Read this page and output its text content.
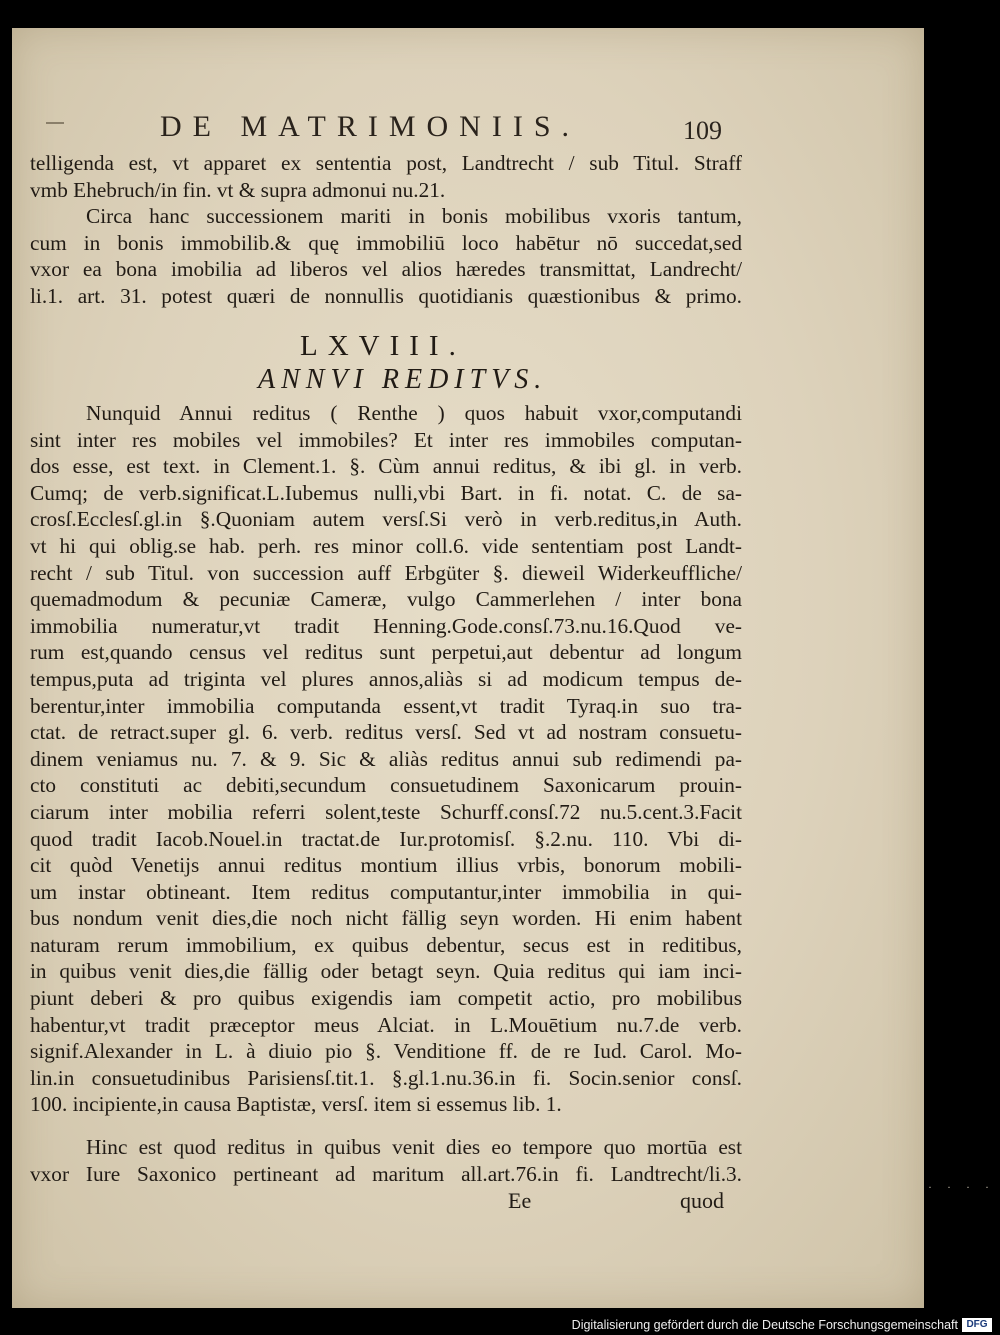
DE MATRIMONIIS.	109
telligenda est, vt apparet ex sententia post, Landtrecht / sub Titul. Straff
vmb Ehebruch/in fin. vt & supra admonui nu.21.
Circa hanc successionem mariti in bonis mobilibus vxoris tantum,
cum in bonis immobilib.& quę immobiliū loco habētur nō succedat,sed
vxor ea bona imobilia ad liberos vel alios hæredes transmittat, Landrecht/
li.1. art. 31. potest quæri de nonnullis quotidianis quæstionibus & primo.
LXVIII.
ANNVI REDITVS.
Nunquid Annui reditus ( Renthe ) quos habuit vxor,computandi
sint inter res mobiles vel immobiles? Et inter res immobiles computan-
dos esse, est text. in Clement.1. §. Cùm annui reditus, & ibi gl. in verb.
Cumq; de verb.significat.L.Iubemus nulli,vbi Bart. in fi. notat. C. de sa-
crosſ.Ecclesſ.gl.in §.Quoniam autem versſ.Si verò in verb.reditus,in Auth.
vt hi qui oblig.se hab. perh. res minor coll.6. vide sententiam post Landt-
recht / sub Titul. von succession auff Erbgüter §. dieweil Widerkeuffliche/
quemadmodum & pecuniæ Cameræ, vulgo Cammerlehen / inter bona
immobilia numeratur,vt tradit Henning.Gode.consſ.73.nu.16.Quod ve-
rum est,quando census vel reditus sunt perpetui,aut debentur ad longum
tempus,puta ad triginta vel plures annos,aliàs si ad modicum tempus de-
berentur,inter immobilia computanda essent,vt tradit Tyraq.in suo tra-
ctat. de retract.super gl. 6. verb. reditus versſ. Sed vt ad nostram consuetu-
dinem veniamus nu. 7. & 9. Sic & aliàs reditus annui sub redimendi pa-
cto constituti ac debiti,secundum consuetudinem Saxonicarum prouin-
ciarum inter mobilia referri solent,teste Schurff.consſ.72 nu.5.cent.3.Facit
quod tradit Iacob.Nouel.in tractat.de Iur.protomisſ. §.2.nu. 110. Vbi di-
cit quòd Venetijs annui reditus montium illius vrbis, bonorum mobili-
um instar obtineant. Item reditus computantur,inter immobilia in qui-
bus nondum venit dies,die noch nicht fällig seyn worden. Hi enim habent
naturam rerum immobilium, ex quibus debentur, secus est in reditibus,
in quibus venit dies,die fällig oder betagt seyn. Quia reditus qui iam inci-
piunt deberi & pro quibus exigendis iam competit actio, pro mobilibus
habentur,vt tradit præceptor meus Alciat. in L.Mouētium nu.7.de verb.
signif.Alexander in L. à diuio pio §. Venditione ff. de re Iud. Carol. Mo-
lin.in consuetudinibus Parisiensſ.tit.1. §.gl.1.nu.36.in fi. Socin.senior consſ.
100. incipiente,in causa Baptistæ, versſ. item si essemus lib. 1.
Hinc est quod reditus in quibus venit dies eo tempore quo mortūa est
vxor Iure Saxonico pertineant ad maritum all.art.76.in fi. Landtrecht/li.3.
Ee	quod
· · · ·
Digitalisierung gefördert durch die Deutsche Forschungsgemeinschaft DFG
